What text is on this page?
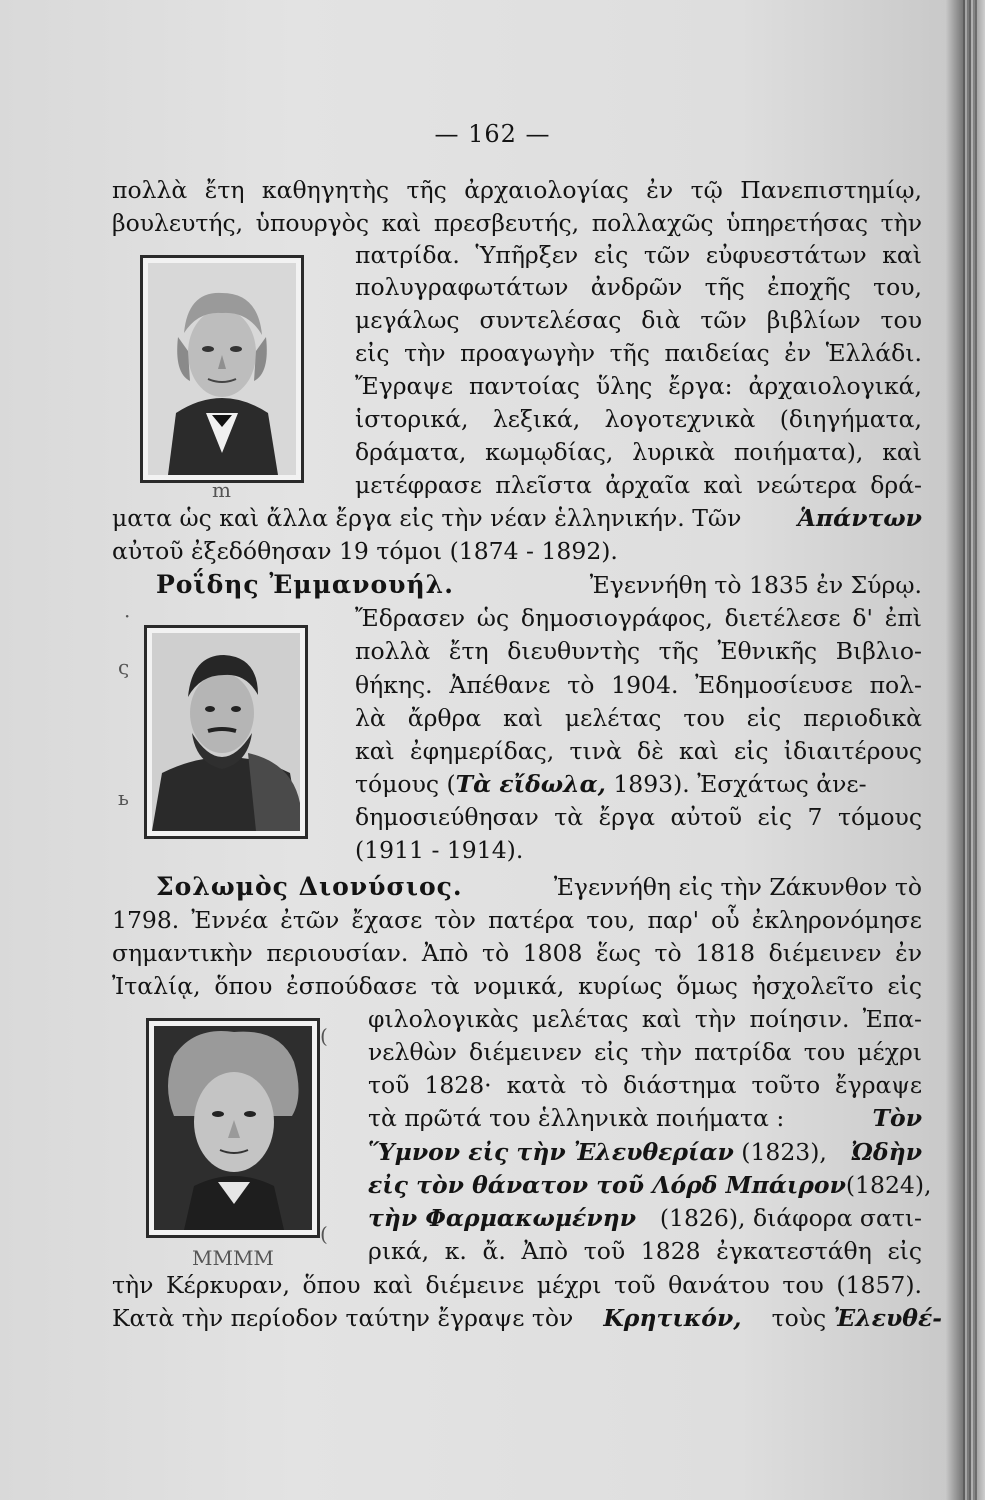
— 162 —
πολλὰ ἔτη καθηγητὴς τῆς ἀρχαιολογίας ἐν τῷ Πανεπιστημίῳ,
βουλευτής, ὑπουργὸς καὶ πρεσβευτής, πολλαχῶς ὑπηρετήσας τὴν
πατρίδα. Ὑπῆρξεν εἰς τῶν εὐφυεστάτων καὶ
πολυγραφωτάτων ἀνδρῶν τῆς ἐποχῆς του,
μεγάλως συντελέσας διὰ τῶν βιβλίων του
εἰς τὴν προαγωγὴν τῆς παιδείας ἐν Ἑλλάδι.
Ἔγραψε παντοίας ὕλης ἔργα: ἀρχαιολογικά,
ἱστορικά, λεξικά, λογοτεχνικὰ (διηγήματα,
δράματα, κωμῳδίας, λυρικὰ ποιήματα), καὶ
μετέφρασε πλεῖστα ἀρχαῖα καὶ νεώτερα δρά-
m
ματα ὡς καὶ ἄλλα ἔργα εἰς τὴν νέαν ἑλληνικήν. Τῶν Ἁπάντων
αὐτοῦ ἐξεδόθησαν 19 τόμοι (1874 - 1892).
Ροΐδης Ἐμμανουήλ.	Ἐγεννήθη τὸ 1835 ἐν Σύρῳ.
·
ς
ь
Ἔδρασεν ὡς δημοσιογράφος, διετέλεσε δ' ἐπὶ
πολλὰ ἔτη διευθυντὴς τῆς Ἐθνικῆς Βιβλιο-
θήκης. Ἀπέθανε τὸ 1904. Ἐδημοσίευσε πολ-
λὰ ἄρθρα καὶ μελέτας του εἰς περιοδικὰ
καὶ ἐφημερίδας, τινὰ δὲ καὶ εἰς ἰδιαιτέρους
τόμους (Τὰ εἴδωλα, 1893). Ἐσχάτως ἀνε-
δημοσιεύθησαν τὰ ἔργα αὐτοῦ εἰς 7 τόμους
(1911 - 1914).
Σολωμὸς Διονύσιος.	Ἐγεννήθη εἰς τὴν Ζάκυνθον τὸ
1798. Ἐννέα ἐτῶν ἔχασε τὸν πατέρα του, παρ' οὗ ἐκληρονόμησε
σημαντικὴν περιουσίαν. Ἀπὸ τὸ 1808 ἕως τὸ 1818 διέμεινεν ἐν
Ἰταλίᾳ, ὅπου ἐσπούδασε τὰ νομικά, κυρίως ὅμως ἠσχολεῖτο εἰς
(
(
MMMM
φιλολογικὰς μελέτας καὶ τὴν ποίησιν. Ἐπα-
νελθὼν διέμεινεν εἰς τὴν πατρίδα του μέχρι
τοῦ 1828· κατὰ τὸ διάστημα τοῦτο ἔγραψε
τὰ πρῶτά του ἑλληνικὰ ποιήματα :	Τὸν
Ὕμνον εἰς τὴν Ἐλευθερίαν (1823), Ὠδὴν
εἰς τὸν θάνατον τοῦ Λόρδ Μπάιρον (1824),
τὴν Φαρμακωμένην (1826), διάφορα σατι-
ρικά, κ. ἄ. Ἀπὸ τοῦ 1828 ἐγκατεστάθη εἰς
τὴν Κέρκυραν, ὅπου καὶ διέμεινε μέχρι τοῦ θανάτου του (1857).
Κατὰ τὴν περίοδον ταύτην ἔγραψε τὸν Κρητικόν, τοὺς Ἐλευθέ-
